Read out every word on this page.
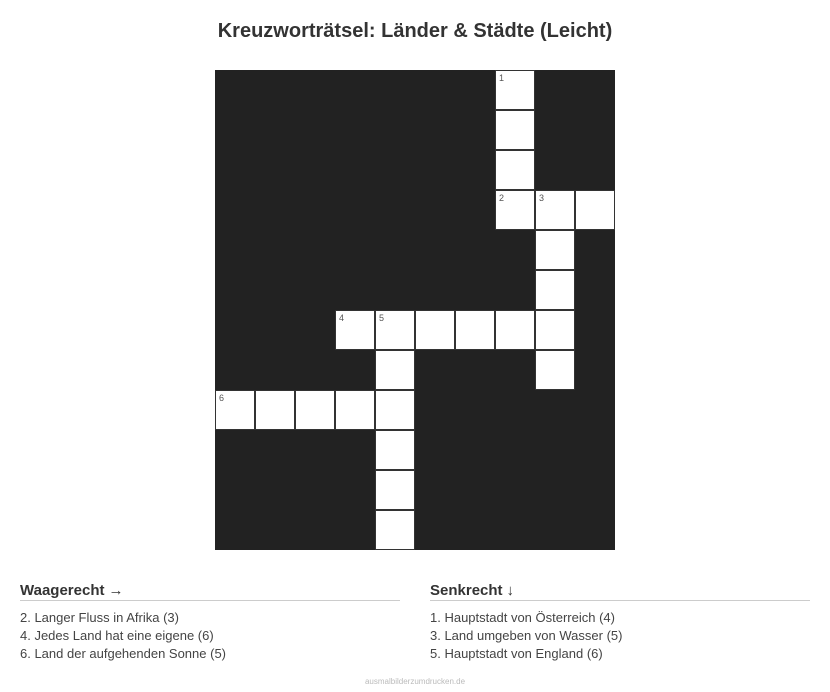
Kreuzworträtsel: Länder & Städte (Leicht)
1
2	3
4	5
6
Waagerecht →
2. Langer Fluss in Afrika (3)
4. Jedes Land hat eine eigene (6)
6. Land der aufgehenden Sonne (5)
Senkrecht ↓
1. Hauptstadt von Österreich (4)
3. Land umgeben von Wasser (5)
5. Hauptstadt von England (6)
ausmalbilderzumdrucken.de
